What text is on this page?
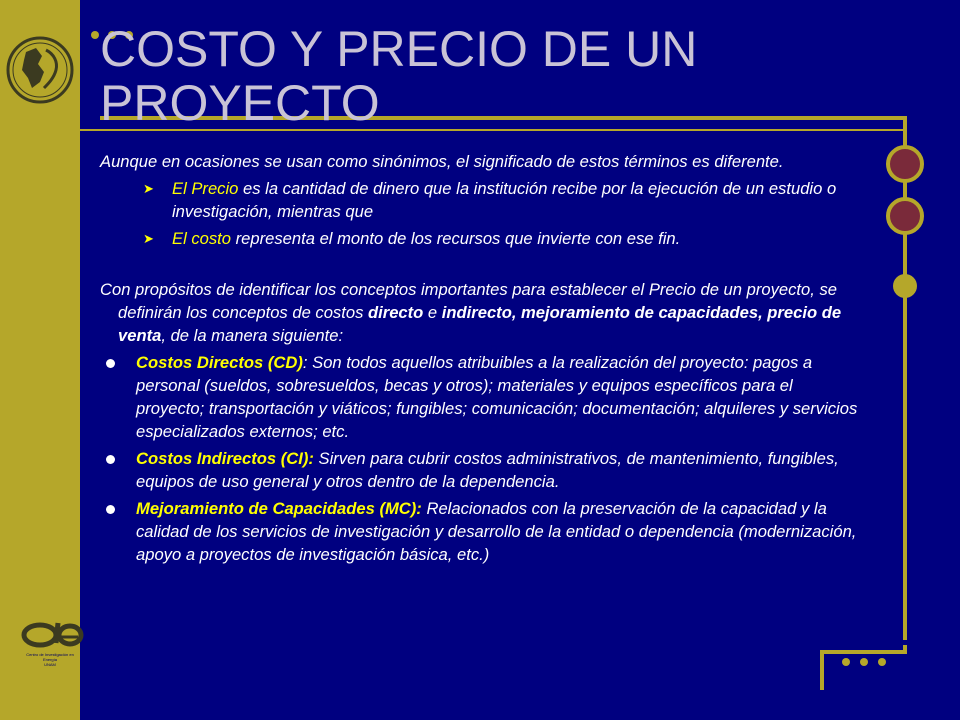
Centro de Investigación en Energía
UNAM
COSTO Y PRECIO DE UN PROYECTO

Aunque en ocasiones se usan como sinónimos, el significado de estos términos es diferente.

➤ El Precio es la cantidad de dinero que la institución recibe por la ejecución de un estudio o investigación, mientras que

➤ El costo representa el monto de los recursos que invierte con ese fin.

Con propósitos de identificar los conceptos importantes para establecer el Precio de un proyecto, se definirán los conceptos de costos directo e indirecto, mejoramiento de capacidades, precio de venta, de la manera siguiente:

Costos Directos (CD): Son todos aquellos atribuibles a la realización del proyecto: pagos a personal (sueldos, sobresueldos, becas y otros); materiales y equipos específicos para el proyecto; transportación y viáticos; fungibles; comunicación; documentación; alquileres y servicios especializados externos; etc.

Costos Indirectos (CI): Sirven para cubrir costos administrativos, de mantenimiento, fungibles, equipos de uso general y otros dentro de la dependencia.

Mejoramiento de Capacidades (MC): Relacionados con la preservación de la capacidad y la calidad de los servicios de investigación y desarrollo de la entidad o dependencia (modernización, apoyo a proyectos de investigación básica, etc.)
